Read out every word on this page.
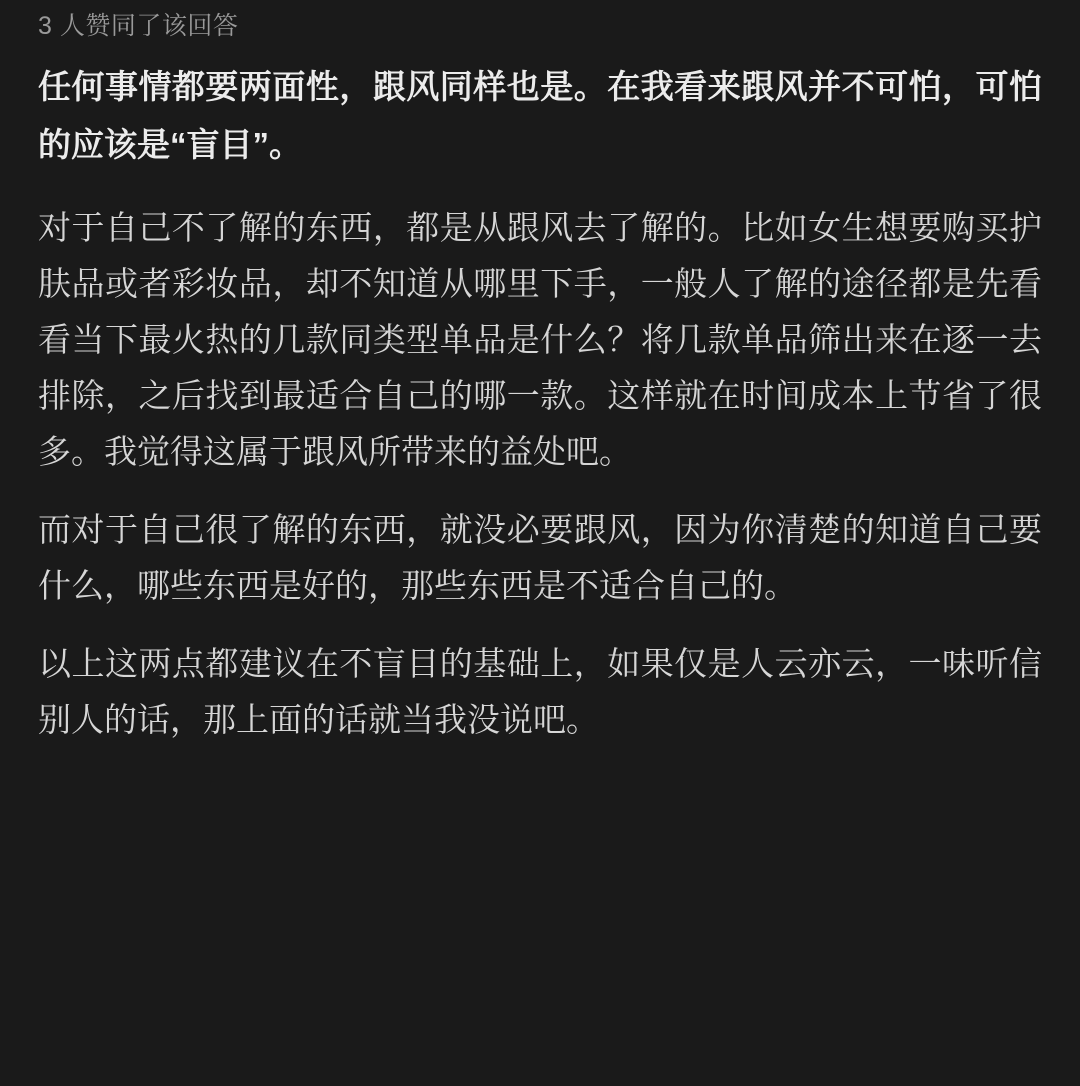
3 人赞同了该回答

任何事情都要两面性，跟风同样也是。在我看来跟风并不可怕，可怕的应该是“盲目”。

对于自己不了解的东西，都是从跟风去了解的。比如女生想要购买护肤品或者彩妆品，却不知道从哪里下手，一般人了解的途径都是先看看当下最火热的几款同类型单品是什么？将几款单品筛出来在逐一去排除，之后找到最适合自己的哪一款。这样就在时间成本上节省了很多。我觉得这属于跟风所带来的益处吧。

而对于自己很了解的东西，就没必要跟风，因为你清楚的知道自己要什么，哪些东西是好的，那些东西是不适合自己的。

以上这两点都建议在不盲目的基础上，如果仅是人云亦云，一味听信别人的话，那上面的话就当我没说吧。
